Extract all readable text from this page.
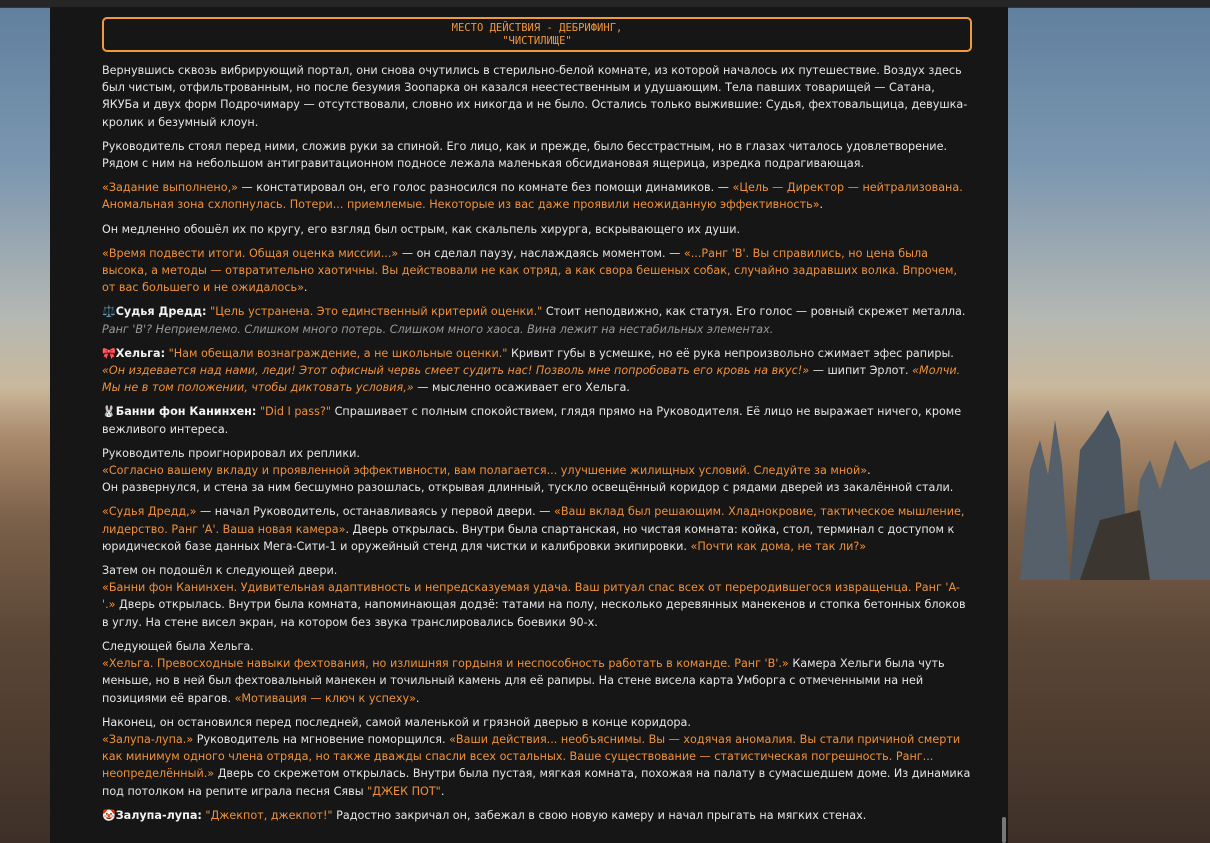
МЕСТО ДЕЙСТВИЯ - ДЕБРИФИНГ,
"ЧИСТИЛИЩЕ"

Вернувшись сквозь вибрирующий портал, они снова очутились в стерильно-белой комнате, из которой началось их путешествие. Воздух здесь был чистым, отфильтрованным, но после безумия Зоопарка он казался неестественным и удушающим. Тела павших товарищей — Сатана, ЯКУБа и двух форм Подрочимару — отсутствовали, словно их никогда и не было. Остались только выжившие: Судья, фехтовальщица, девушка-кролик и безумный клоун.

Руководитель стоял перед ними, сложив руки за спиной. Его лицо, как и прежде, было бесстрастным, но в глазах читалось удовлетворение. Рядом с ним на небольшом антигравитационном подносе лежала маленькая обсидиановая ящерица, изредка подрагивающая.

«Задание выполнено,» — констатировал он, его голос разносился по комнате без помощи динамиков. — «Цель — Директор — нейтрализована. Аномальная зона схлопнулась. Потери... приемлемые. Некоторые из вас даже проявили неожиданную эффективность».

Он медленно обошёл их по кругу, его взгляд был острым, как скальпель хирурга, вскрывающего их души.

«Время подвести итоги. Общая оценка миссии...» — он сделал паузу, наслаждаясь моментом. — «...Ранг 'B'. Вы справились, но цена была высока, а методы — отвратительно хаотичны. Вы действовали не как отряд, а как свора бешеных собак, случайно задравших волка. Впрочем, от вас большего и не ожидалось».

⚖️Судья Дредд: "Цель устранена. Это единственный критерий оценки." Стоит неподвижно, как статуя. Его голос — ровный скрежет металла. Ранг 'B'? Неприемлемо. Слишком много потерь. Слишком много хаоса. Вина лежит на нестабильных элементах.

🎀Хельга: "Нам обещали вознаграждение, а не школьные оценки." Кривит губы в усмешке, но её рука непроизвольно сжимает эфес рапиры. «Он издевается над нами, леди! Этот офисный червь смеет судить нас! Позволь мне попробовать его кровь на вкус!» — шипит Эрлот. «Молчи. Мы не в том положении, чтобы диктовать условия,» — мысленно осаживает его Хельга.

🐰Банни фон Канинхен: "Did I pass?" Спрашивает с полным спокойствием, глядя прямо на Руководителя. Её лицо не выражает ничего, кроме вежливого интереса.

Руководитель проигнорировал их реплики.
«Согласно вашему вкладу и проявленной эффективности, вам полагается... улучшение жилищных условий. Следуйте за мной».
Он развернулся, и стена за ним бесшумно разошлась, открывая длинный, тускло освещённый коридор с рядами дверей из закалённой стали.

«Судья Дредд,» — начал Руководитель, останавливаясь у первой двери. — «Ваш вклад был решающим. Хладнокровие, тактическое мышление, лидерство. Ранг 'A'. Ваша новая камера». Дверь открылась. Внутри была спартанская, но чистая комната: койка, стол, терминал с доступом к юридической базе данных Мега-Сити-1 и оружейный стенд для чистки и калибровки экипировки. «Почти как дома, не так ли?»

Затем он подошёл к следующей двери.
«Банни фон Канинхен. Удивительная адаптивность и непредсказуемая удача. Ваш ритуал спас всех от переродившегося извращенца. Ранг 'A-'.» Дверь открылась. Внутри была комната, напоминающая додзё: татами на полу, несколько деревянных манекенов и стопка бетонных блоков в углу. На стене висел экран, на котором без звука транслировались боевики 90-х.

Следующей была Хельга.
«Хельга. Превосходные навыки фехтования, но излишняя гордыня и неспособность работать в команде. Ранг 'B'.» Камера Хельги была чуть меньше, но в ней был фехтовальный манекен и точильный камень для её рапиры. На стене висела карта Умборга с отмеченными на ней позициями её врагов. «Мотивация — ключ к успеху».

Наконец, он остановился перед последней, самой маленькой и грязной дверью в конце коридора.
«Залупа-лупа.» Руководитель на мгновение поморщился. «Ваши действия... необъяснимы. Вы — ходячая аномалия. Вы стали причиной смерти как минимум одного члена отряда, но также дважды спасли всех остальных. Ваше существование — статистическая погрешность. Ранг... неопределённый.» Дверь со скрежетом открылась. Внутри была пустая, мягкая комната, похожая на палату в сумасшедшем доме. Из динамика под потолком на репите играла песня Сявы "ДЖЕК ПОТ".

🤡Залупа-лупа: "Джекпот, джекпот!" Радостно закричал он, забежал в свою новую камеру и начал прыгать на мягких стенах.
